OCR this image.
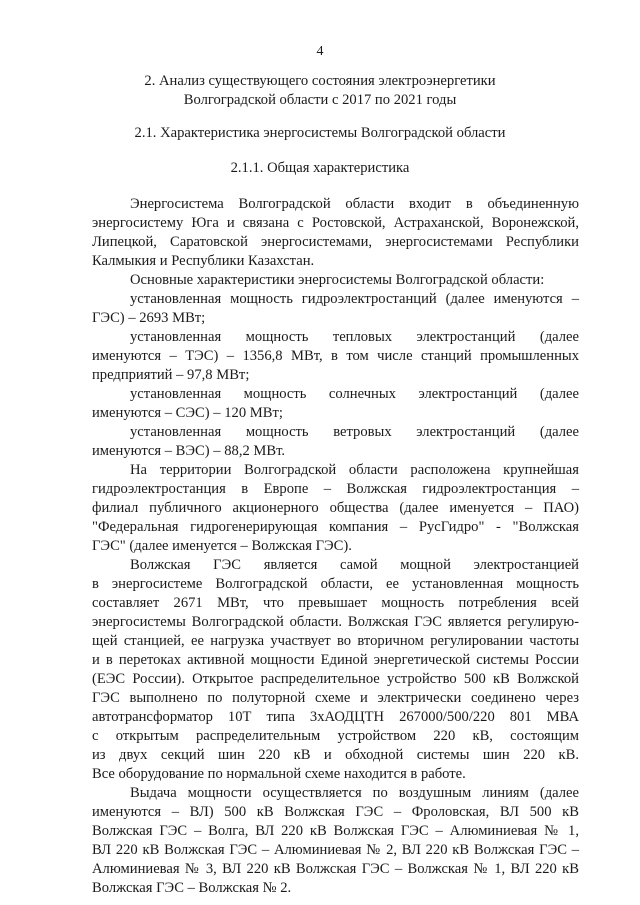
4
2. Анализ существующего состояния электроэнергетики
Волгоградской области с 2017 по 2021 годы
2.1. Характеристика энергосистемы Волгоградской области
2.1.1. Общая характеристика
Энергосистема Волгоградской области входит в объединенную
энергосистему Юга и связана с Ростовской, Астраханской, Воронежской,
Липецкой, Саратовской энергосистемами, энергосистемами Республики
Калмыкия и Республики Казахстан.
Основные характеристики энергосистемы Волгоградской области:
установленная мощность гидроэлектростанций (далее именуются –
ГЭС) – 2693 МВт;
установленная мощность тепловых электростанций (далее
именуются – ТЭС) – 1356,8 МВт, в том числе станций промышленных
предприятий – 97,8 МВт;
установленная мощность солнечных электростанций (далее
именуются – СЭС) – 120 МВт;
установленная мощность ветровых электростанций (далее
именуются – ВЭС) – 88,2 МВт.
На территории Волгоградской области расположена крупнейшая
гидроэлектростанция в Европе – Волжская гидроэлектростанция –
филиал публичного акционерного общества (далее именуется – ПАО)
"Федеральная гидрогенерирующая компания – РусГидро" - "Волжская
ГЭС" (далее именуется – Волжская ГЭС).
Волжская ГЭС является самой мощной электростанцией
в энергосистеме Волгоградской области, ее установленная мощность
составляет 2671 МВт, что превышает мощность потребления всей
энергосистемы Волгоградской области. Волжская ГЭС является регулирую-
щей станцией, ее нагрузка участвует во вторичном регулировании частоты
и в перетоках активной мощности Единой энергетической системы России
(ЕЭС России). Открытое распределительное устройство 500 кВ Волжской
ГЭС выполнено по полуторной схеме и электрически соединено через
автотрансформатор 10Т типа 3хАОДЦТН 267000/500/220 801 МВА
с открытым распределительным устройством 220 кВ, состоящим
из двух секций шин 220 кВ и обходной системы шин 220 кВ.
Все оборудование по нормальной схеме находится в работе.
Выдача мощности осуществляется по воздушным линиям (далее
именуются – ВЛ) 500 кВ Волжская ГЭС – Фроловская, ВЛ 500 кВ
Волжская ГЭС – Волга, ВЛ 220 кВ Волжская ГЭС – Алюминиевая № 1,
ВЛ 220 кВ Волжская ГЭС – Алюминиевая № 2, ВЛ 220 кВ Волжская ГЭС –
Алюминиевая № 3, ВЛ 220 кВ Волжская ГЭС – Волжская № 1, ВЛ 220 кВ
Волжская ГЭС – Волжская № 2.
